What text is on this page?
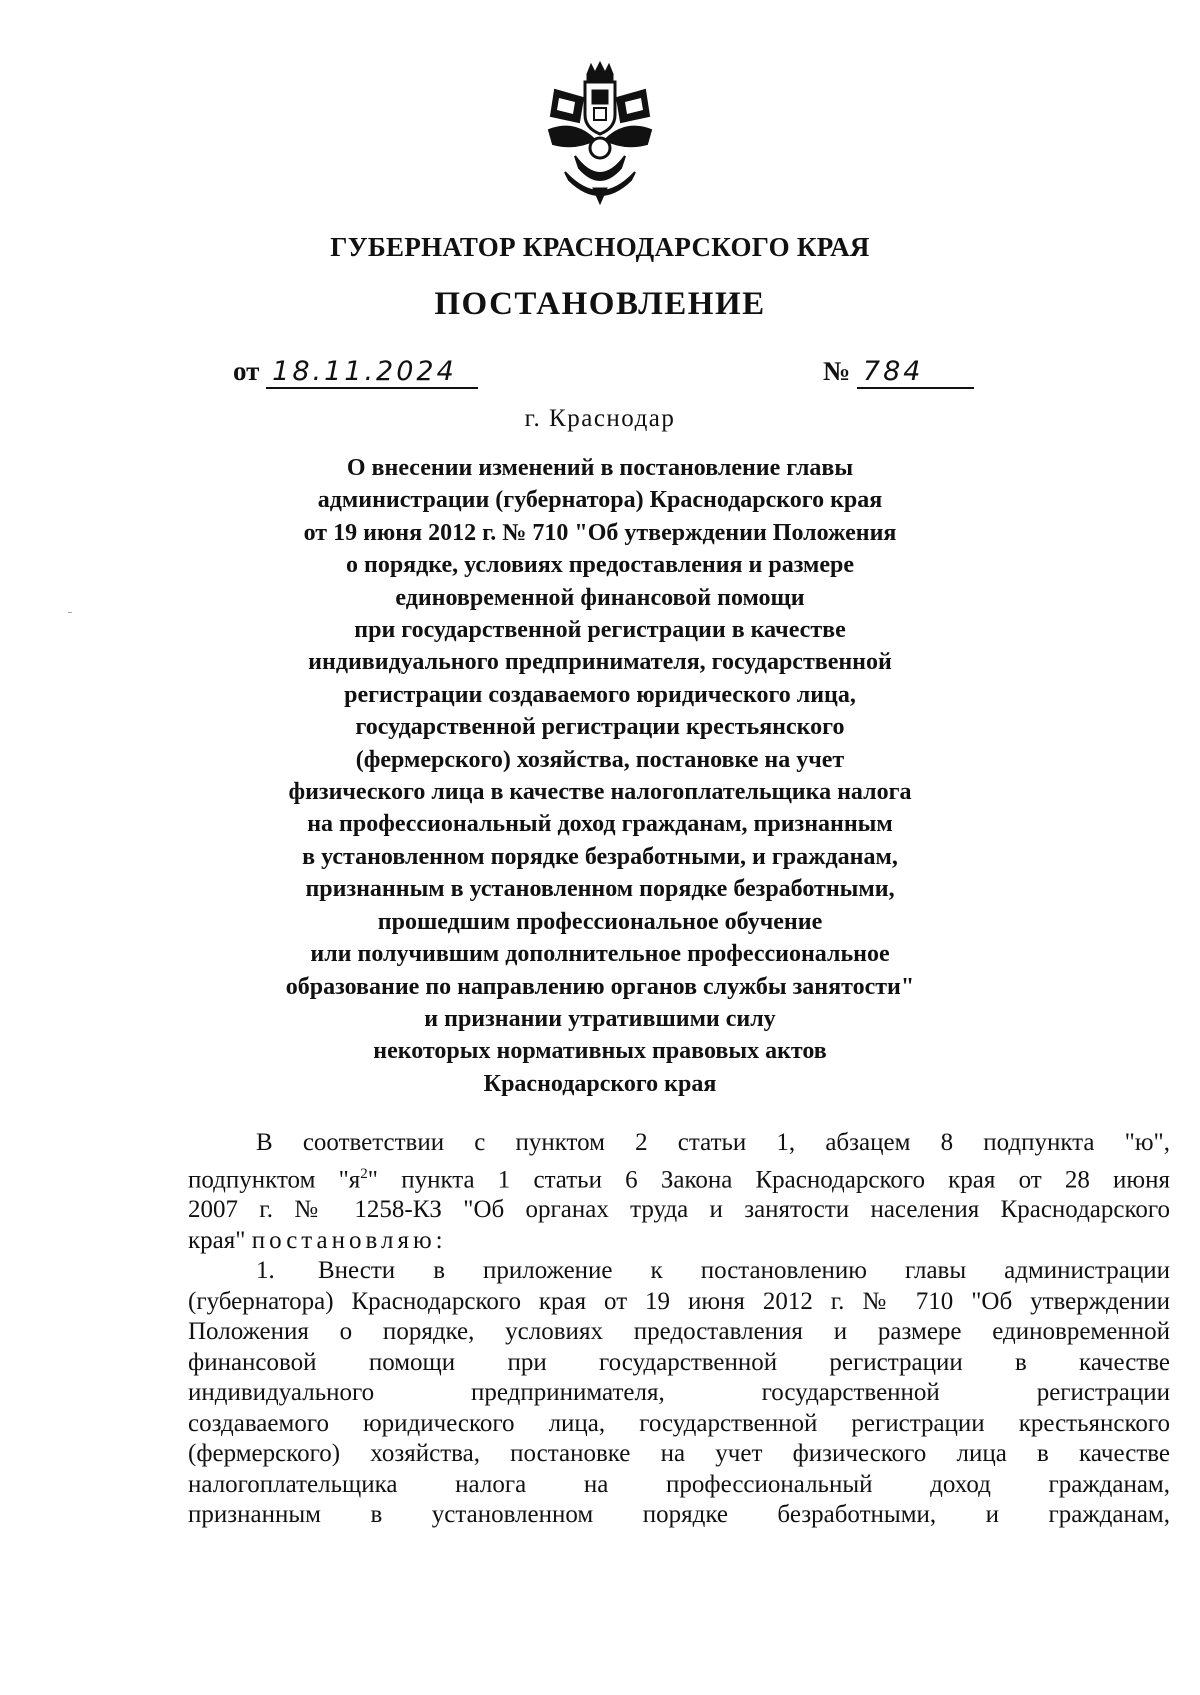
ГУБЕРНАТОР КРАСНОДАРСКОГО КРАЯ
ПОСТАНОВЛЕНИЕ
от 18.11.2024	№ 784
г. Краснодар
О внесении изменений в постановление главы
администрации (губернатора) Краснодарского края
от 19 июня 2012 г. № 710 "Об утверждении Положения
о порядке, условиях предоставления и размере
единовременной финансовой помощи
при государственной регистрации в качестве
индивидуального предпринимателя, государственной
регистрации создаваемого юридического лица,
государственной регистрации крестьянского
(фермерского) хозяйства, постановке на учет
физического лица в качестве налогоплательщика налога
на профессиональный доход гражданам, признанным
в установленном порядке безработными, и гражданам,
признанным в установленном порядке безработными,
прошедшим профессиональное обучение
или получившим дополнительное профессиональное
образование по направлению органов службы занятости"
и признании утратившими силу
некоторых нормативных правовых актов
Краснодарского края
В соответствии с пунктом 2 статьи 1, абзацем 8 подпункта "ю",
подпунктом "$я^2$" пункта 1 статьи 6 Закона Краснодарского края от 28 июня
2007 г. № 1258-КЗ "Об органах труда и занятости населения Краснодарского
края" постановляю:
1. Внести в приложение к постановлению главы администрации
(губернатора) Краснодарского края от 19 июня 2012 г. № 710 "Об утверждении
Положения о порядке, условиях предоставления и размере единовременной
финансовой помощи при государственной регистрации в качестве
индивидуального предпринимателя, государственной регистрации
создаваемого юридического лица, государственной регистрации крестьянского
(фермерского) хозяйства, постановке на учет физического лица в качестве
налогоплательщика налога на профессиональный доход гражданам,
признанным в установленном порядке безработными, и гражданам,
